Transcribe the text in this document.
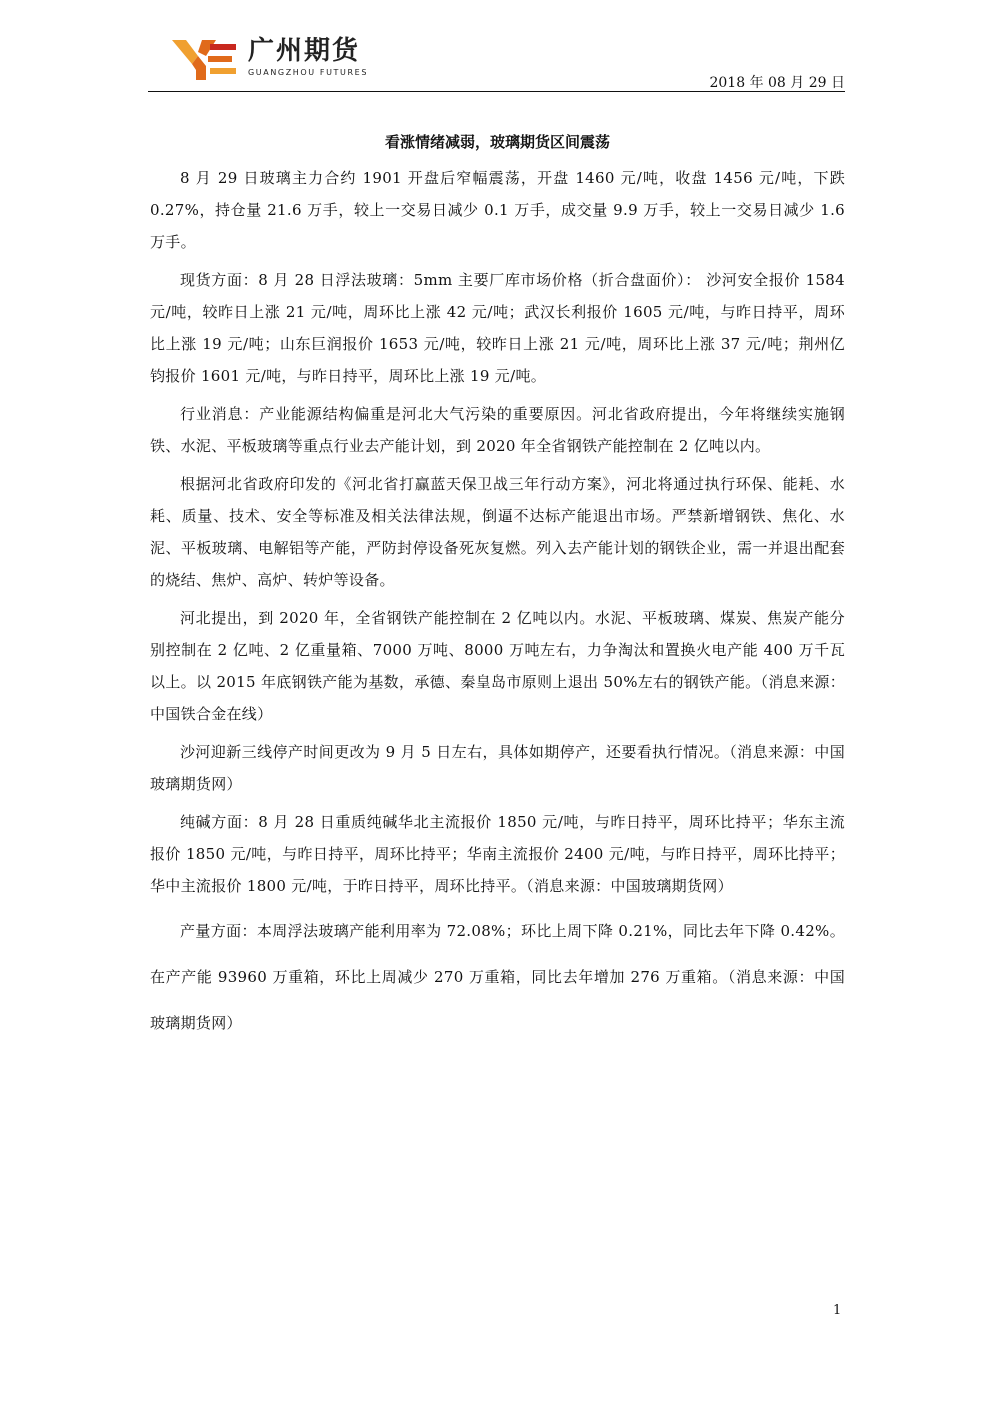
广州期货
GUANGZHOU FUTURES
2018 年 08 月 29 日
看涨情绪减弱，玻璃期货区间震荡

8 月 29 日玻璃主力合约 1901 开盘后窄幅震荡，开盘 1460 元/吨，收盘 1456 元/吨，下跌 0.27%，持仓量 21.6 万手，较上一交易日减少 0.1 万手，成交量 9.9 万手，较上一交易日减少 1.6 万手。

现货方面：8 月 28 日浮法玻璃：5mm 主要厂库市场价格（折合盘面价）： 沙河安全报价 1584 元/吨，较昨日上涨 21 元/吨，周环比上涨 42 元/吨；武汉长利报价 1605 元/吨，与昨日持平，周环比上涨 19 元/吨；山东巨润报价 1653 元/吨，较昨日上涨 21 元/吨，周环比上涨 37 元/吨；荆州亿钧报价 1601 元/吨，与昨日持平，周环比上涨 19 元/吨。

行业消息：产业能源结构偏重是河北大气污染的重要原因。河北省政府提出，今年将继续实施钢铁、水泥、平板玻璃等重点行业去产能计划，到 2020 年全省钢铁产能控制在 2 亿吨以内。

根据河北省政府印发的《河北省打赢蓝天保卫战三年行动方案》，河北将通过执行环保、能耗、水耗、质量、技术、安全等标准及相关法律法规，倒逼不达标产能退出市场。严禁新增钢铁、焦化、水泥、平板玻璃、电解铝等产能，严防封停设备死灰复燃。列入去产能计划的钢铁企业，需一并退出配套的烧结、焦炉、高炉、转炉等设备。

河北提出，到 2020 年，全省钢铁产能控制在 2 亿吨以内。水泥、平板玻璃、煤炭、焦炭产能分别控制在 2 亿吨、2 亿重量箱、7000 万吨、8000 万吨左右，力争淘汰和置换火电产能 400 万千瓦以上。以 2015 年底钢铁产能为基数，承德、秦皇岛市原则上退出 50%左右的钢铁产能。（消息来源：中国铁合金在线）

沙河迎新三线停产时间更改为 9 月 5 日左右，具体如期停产，还要看执行情况。（消息来源：中国玻璃期货网）

纯碱方面：8 月 28 日重质纯碱华北主流报价 1850 元/吨，与昨日持平，周环比持平；华东主流报价 1850 元/吨，与昨日持平，周环比持平；华南主流报价 2400 元/吨，与昨日持平，周环比持平；华中主流报价 1800 元/吨，于昨日持平，周环比持平。（消息来源：中国玻璃期货网）

产量方面：本周浮法玻璃产能利用率为 72.08%；环比上周下降 0.21%，同比去年下降 0.42%。在产产能 93960 万重箱，环比上周减少 270 万重箱，同比去年增加 276 万重箱。（消息来源：中国玻璃期货网）

1
